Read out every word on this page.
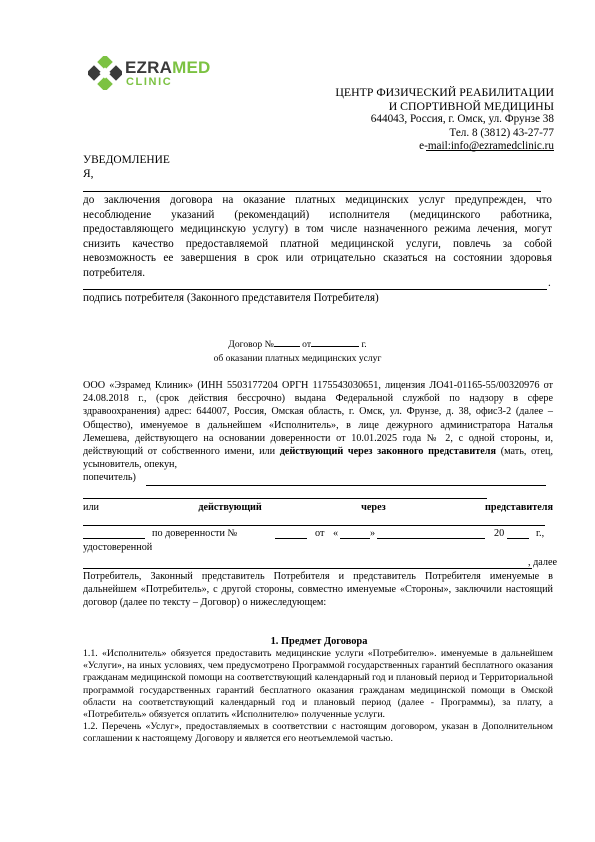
EZRAMED
CLINIC
ЦЕНТР ФИЗИЧЕСКИЙ РЕАБИЛИТАЦИИ
И СПОРТИВНОЙ МЕДИЦИНЫ
644043, Россия, г. Омск, ул. Фрунзе 38
Тел. 8 (3812) 43-27-77
e-mail:info@ezramedclinic.ru
УВЕДОМЛЕНИЕ
Я,

до заключения договора на оказание платных медицинских услуг предупрежден, что несоблюдение указаний (рекомендаций) исполнителя (медицинского работника, предоставляющего медицинскую услугу) в том числе назначенного режима лечения, могут снизить качество предоставляемой платной медицинской услуги, повлечь за собой невозможность ее завершения в срок или отрицательно сказаться на состоянии здоровья потребителя.

.
подпись потребителя (Законного представителя Потребителя)
Договор №	от	г.
об оказании платных медицинских услуг
ООО «Эзрамед Клиник» (ИНН 5503177204 ОРГН 1175543030651, лицензия ЛО41-01165-55/00320976 от 24.08.2018 г., (срок действия бессрочно) выдана Федеральной службой по надзору в сфере здравоохранения) адрес: 644007, Россия, Омская область, г. Омск, ул. Фрунзе, д. 38, офис3-2 (далее – Общество), именуемое в дальнейшем «Исполнитель», в лице дежурного администратора Наталья Лемешева, действующего на основании доверенности от 10.01.2025 года № 2, с одной стороны, и, действующий от собственного имени, или действующий через законного представителя (мать, отец, усыновитель, опекун,
попечитель)
или	действующий	через	представителя
по доверенности №	от «	»	20	г.,
удостоверенной
, далее
Потребитель, Законный представитель Потребителя и представитель Потребителя именуемые в дальнейшем «Потребитель», с другой стороны, совместно именуемые «Стороны», заключили настоящий договор (далее по тексту – Договор) о нижеследующем:
1. Предмет Договора
1.1. «Исполнитель» обязуется предоставить медицинские услуги «Потребителю». именуемые в дальнейшем «Услуги», на иных условиях, чем предусмотрено Программой государственных гарантий бесплатного оказания гражданам медицинской помощи на соответствующий календарный год и плановый период и Территориальной программой государственных гарантий бесплатного оказания гражданам медицинской помощи в Омской области на соответствующий календарный год и плановый период (далее - Программы), за плату, а «Потребитель» обязуется оплатить «Исполнителю» полученные услуги.
1.2. Перечень «Услуг», предоставляемых в соответствии с настоящим договором, указан в Дополнительном соглашении к настоящему Договору и является его неотъемлемой частью.
